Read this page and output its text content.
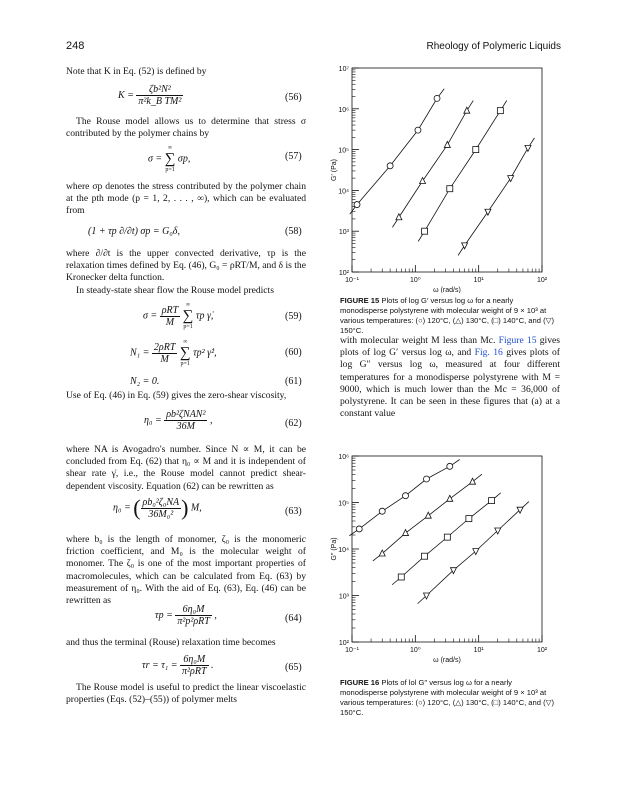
248	Rheology of Polymeric Liquids
Note that K in Eq. (52) is defined by
$K = \frac{\text{ζb²N²}}{\text{π²k\_B TM²}}$	(56)
The Rouse model allows us to determine that stress σ contributed by the polymer chains by
σ =
∞
∑
p=1
σp,	(57)
where σp denotes the stress contributed by the polymer chain at the pth mode (p = 1, 2, . . . , ∞), which can be evaluated from
(1 + τp ∂/∂t) σp = G₀δ,	(58)
where ∂/∂t is the upper convected derivative, τp is the relaxation times defined by Eq. (46), G₀ = ρRT/M, and δ is the Kronecker delta function.
In steady-state shear flow the Rouse model predicts
$\sigma = \frac{\text{ρRT}}{M}$
∞
∑
p=1
τp γ̇,	(59)
$N_1 = \frac{\text{2ρRT}}{M}$
∞
∑
p=1
τp² γ̇²,	(60)
N₂ = 0.	(61)
Use of Eq. (46) in Eq. (59) gives the zero-shear viscosity,
$\eta_0 = \frac{\text{ρb²ζNAN²}}{36M}$ ,	(62)
where NA is Avogadro's number. Since N ∝ M, it can be concluded from Eq. (62) that η₀ ∝ M and it is independent of shear rate γ̇, i.e., the Rouse model cannot predict shear-dependent viscosity. Equation (62) can be rewritten as
η₀ = ( $\frac{\text{ρb₀²ζ₀NA}}{\text{36M₀²}}$ ) M,	(63)
where b₀ is the length of monomer, ζ₀ is the monomeric friction coefficient, and M₀ is the molecular weight of monomer. The ζ₀ is one of the most important properties of macromolecules, which can be calculated from Eq. (63) by measurement of η₀. With the aid of Eq. (63), Eq. (46) can be rewritten as
$\tau p = \frac{\text{6η₀M}}{\text{π²p²ρRT}}$ ,	(64)
and thus the terminal (Rouse) relaxation time becomes
$\tau r = \tau_1 = \frac{\text{6η₀M}}{\text{π²ρRT}}$ .	(65)
The Rouse model is useful to predict the linear viscoelastic properties (Eqs. (52)–(55)) of polymer melts
10⁻¹	10⁰	10¹	10²
10²
10³
10⁴
10⁵
10⁶
10⁷
ω (rad/s)
G′ (Pa)
FIGURE 15 Plots of log G′ versus log ω for a nearly monodisperse polystyrene with molecular weight of 9 × 10³ at various temperatures: (○) 120°C, (△) 130°C, (□) 140°C, and (▽) 150°C.
with molecular weight M less than Mc. Figure 15 gives plots of log G′ versus log ω, and Fig. 16 gives plots of log G″ versus log ω, measured at four different temperatures for a monodisperse polystyrene with M = 9000, which is much lower than the Mc = 36,000 of polystyrene. It can be seen in these figures that (a) at a constant value
10⁻¹	10⁰	10¹	10²
10²
10³
10⁴
10⁵
10⁶
ω (rad/s)
G″ (Pa)
FIGURE 16 Plots of lol G″ versus log ω for a nearly monodisperse polystyrene with molecular weight of 9 × 10³ at various temperatures: (○) 120°C, (△) 130°C, (□) 140°C, and (▽) 150°C.
